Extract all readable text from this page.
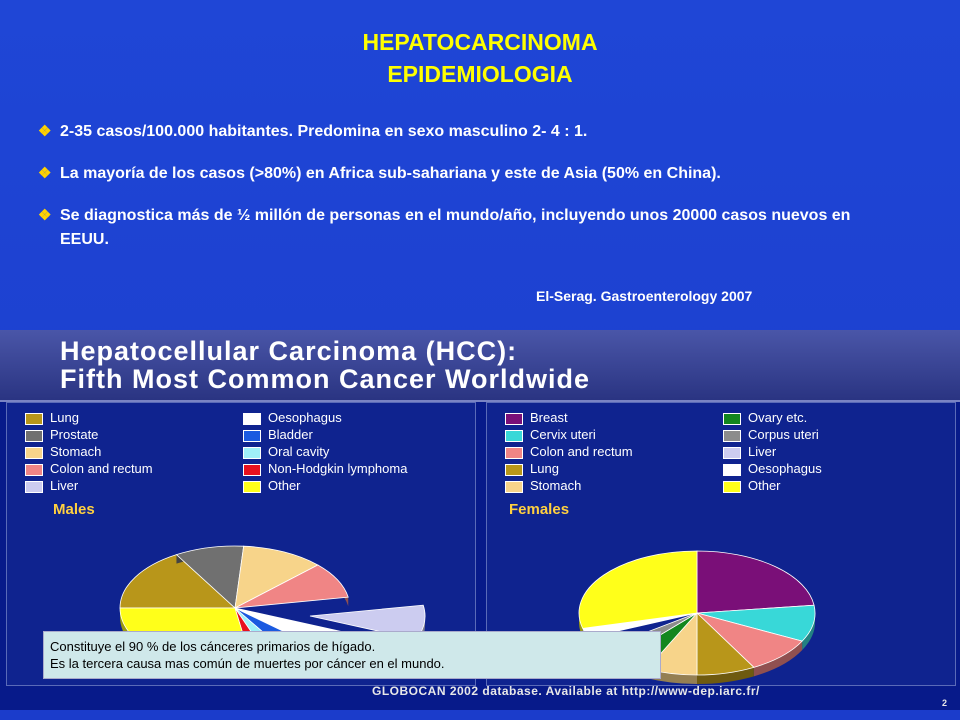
HEPATOCARCINOMA
EPIDEMIOLOGIA
❖ 2-35 casos/100.000 habitantes. Predomina en sexo masculino 2- 4 : 1.
❖ La mayoría de los casos (>80%) en Africa sub-sahariana y este de Asia (50% en China).
❖ Se diagnostica más de ½ millón de personas en el mundo/año, incluyendo unos 20000 casos nuevos en EEUU.
El-Serag. Gastroenterology 2007
Hepatocellular Carcinoma (HCC):
Fifth Most Common Cancer Worldwide
Lung
Prostate
Stomach
Colon and rectum
Liver
Oesophagus
Bladder
Oral cavity
Non-Hodgkin lymphoma
Other
Males
Breast
Cervix uteri
Colon and rectum
Lung
Stomach
Ovary etc.
Corpus uteri
Liver
Oesophagus
Other
Females
Constituye el 90 % de los cánceres primarios de hígado.
Es la tercera causa mas común de muertes por cáncer en el mundo.
GLOBOCAN 2002 database. Available at http://www-dep.iarc.fr/
2
